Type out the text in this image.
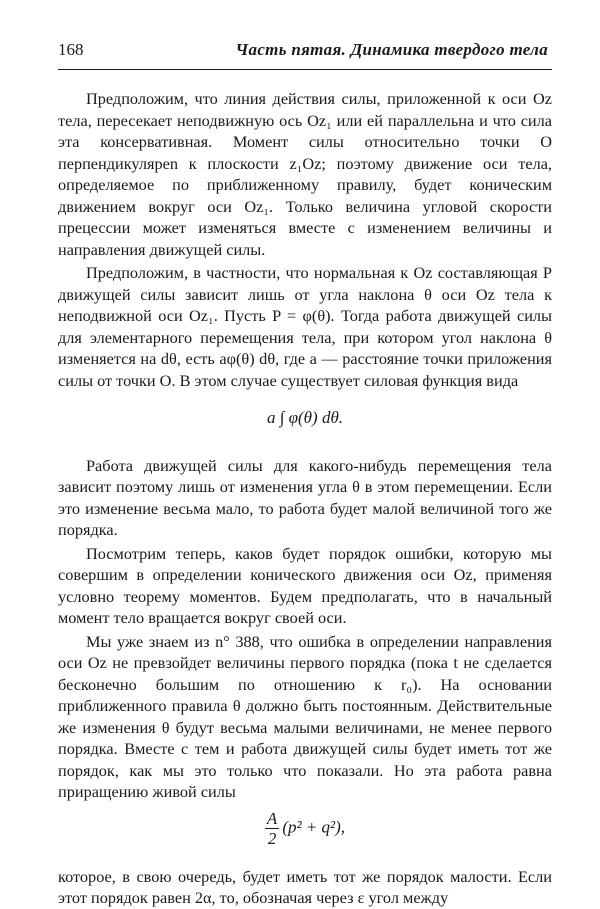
168	Часть пятая. Динамика твердого тела

Предположим, что линия действия силы, приложенной к оси Oz тела, пересекает неподвижную ось Oz₁ или ей параллельна и что сила эта консервативная. Момент силы относительно точки O перпендикуляреn к плоскости z₁Oz; поэтому движение оси тела, определяемое по приближенному правилу, будет коническим движением вокруг оси Oz₁. Только величина угловой скорости прецессии может изменяться вместе с изменением величины и направления движущей силы.

Предположим, в частности, что нормальная к Oz составляющая P движущей силы зависит лишь от угла наклона θ оси Oz тела к неподвижной оси Oz₁. Пусть P = φ(θ). Тогда работа движущей силы для элементарного перемещения тела, при котором угол наклона θ изменяется на dθ, есть aφ(θ) dθ, где a — расстояние точки приложения силы от точки O. В этом случае существует силовая функция вида

a ∫ φ(θ) dθ.

Работа движущей силы для какого-нибудь перемещения тела зависит поэтому лишь от изменения угла θ в этом перемещении. Если это изменение весьма мало, то работа будет малой величиной того же порядка.

Посмотрим теперь, каков будет порядок ошибки, которую мы совершим в определении конического движения оси Oz, применяя условно теорему моментов. Будем предполагать, что в начальный момент тело вращается вокруг своей оси.

Мы уже знаем из n° 388, что ошибка в определении направления оси Oz не превзойдет величины первого порядка (пока t не сделается бесконечно большим по отношению к r₀). На основании приближенного правила θ должно быть постоянным. Действительные же изменения θ будут весьма малыми величинами, не менее первого порядка. Вместе с тем и работа движущей силы будет иметь тот же порядок, как мы это только что показали. Но эта работа равна приращению живой силы

$\frac{A}{2} (p^2 + q^2)$,

которое, в свою очередь, будет иметь тот же порядок малости. Если этот порядок равен 2α, то, обозначая через ε угол между
